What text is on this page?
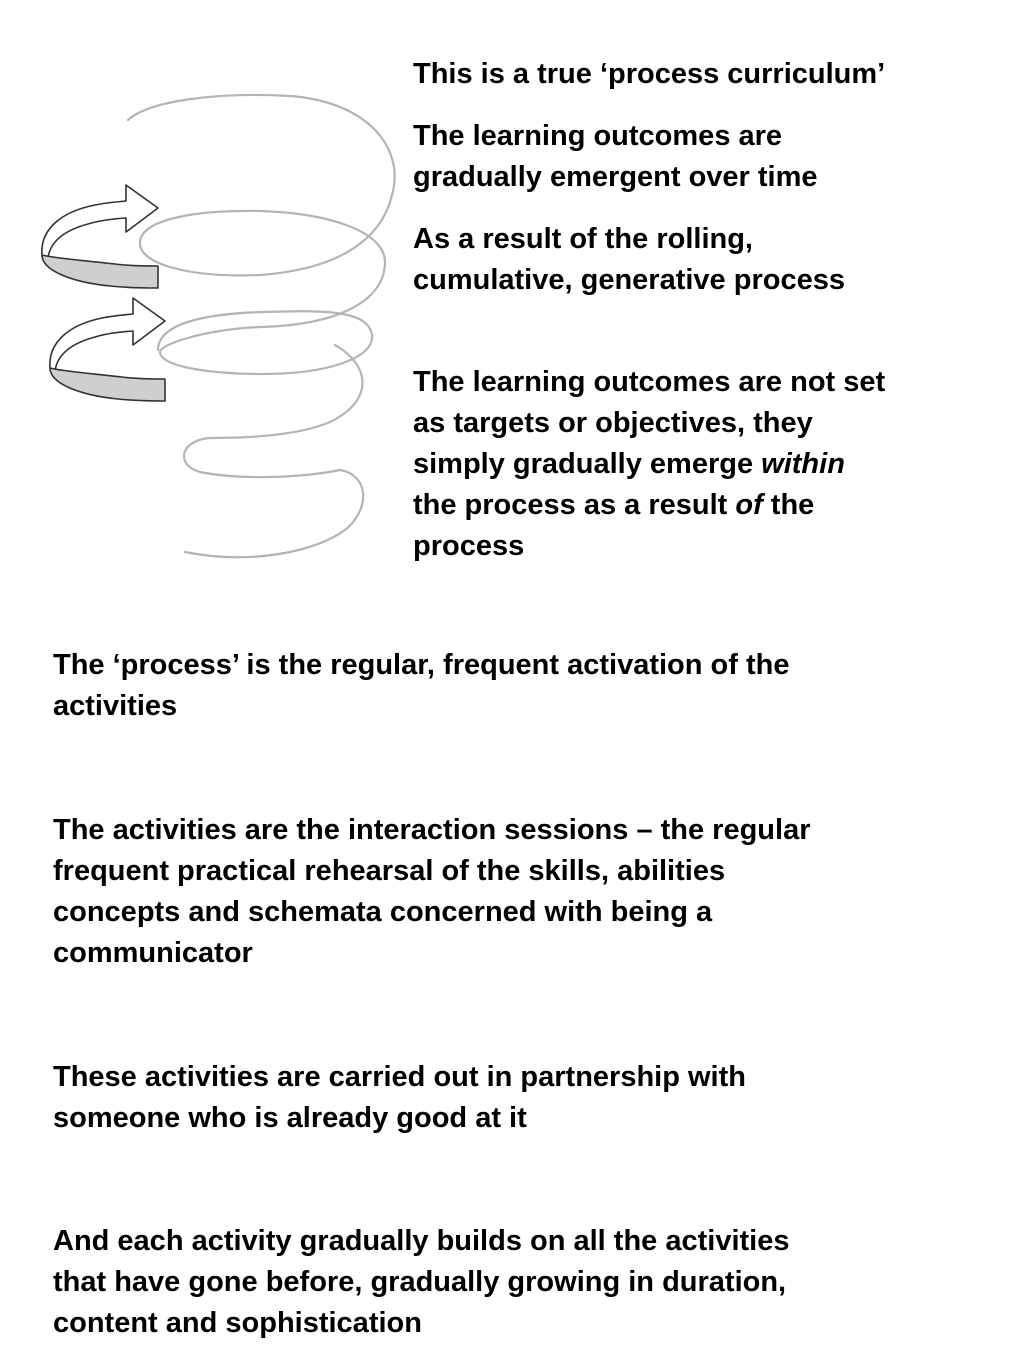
This is a true ‘process curriculum’

The learning outcomes are
gradually emergent over time

As a result of the rolling,
cumulative, generative process

The learning outcomes are not set
as targets or objectives, they
simply gradually emerge within
the process as a result of the
process

The ‘process’ is the regular, frequent activation of the
activities

The activities are the interaction sessions – the regular
frequent practical rehearsal of the skills, abilities
concepts and schemata concerned with being a
communicator

These activities are carried out in partnership with
someone who is already good at it

And each activity gradually builds on all the activities
that have gone before, gradually growing in duration,
content and sophistication
